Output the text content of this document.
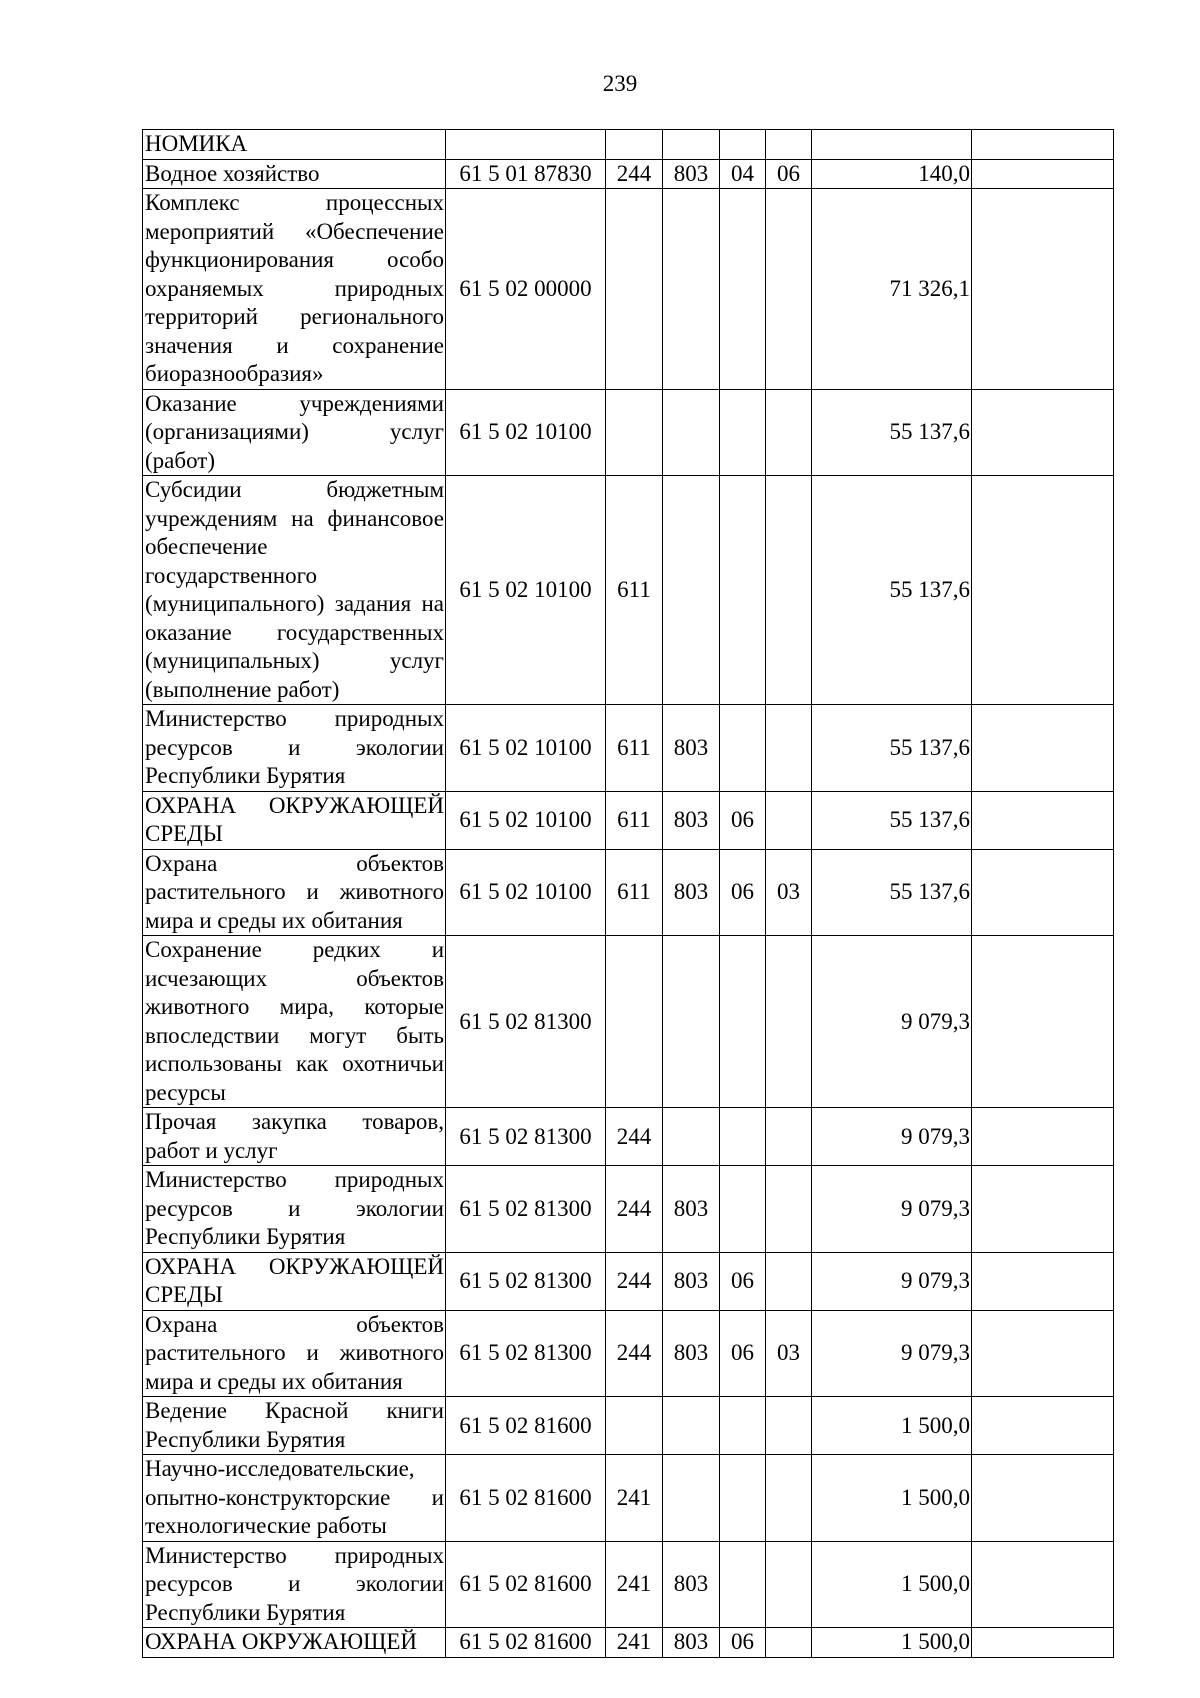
239
НОМИКА							
Водное хозяйство	61 5 01 87830	244	803	04	06	140,0	
Комплекс процессных мероприятий «Обеспечение функционирования особо охраняемых природных территорий регионального значения и сохранение биоразнообразия»	61 5 02 00000					71 326,1	
Оказание учреждениями (организациями) услуг (работ)	61 5 02 10100					55 137,6	
Субсидии бюджетным учреждениям на финансовое обеспечение государственного (муниципального) задания на оказание государственных (муниципальных) услуг (выполнение работ)	61 5 02 10100	611				55 137,6	
Министерство природных ресурсов и экологии Республики Бурятия	61 5 02 10100	611	803			55 137,6	
ОХРАНА ОКРУЖАЮЩЕЙ СРЕДЫ	61 5 02 10100	611	803	06		55 137,6	
Охрана объектов растительного и животного мира и среды их обитания	61 5 02 10100	611	803	06	03	55 137,6	
Сохранение редких и исчезающих объектов животного мира, которые впоследствии могут быть использованы как охотничьи ресурсы	61 5 02 81300					9 079,3	
Прочая закупка товаров, работ и услуг	61 5 02 81300	244				9 079,3	
Министерство природных ресурсов и экологии Республики Бурятия	61 5 02 81300	244	803			9 079,3	
ОХРАНА ОКРУЖАЮЩЕЙ СРЕДЫ	61 5 02 81300	244	803	06		9 079,3	
Охрана объектов растительного и животного мира и среды их обитания	61 5 02 81300	244	803	06	03	9 079,3	
Ведение Красной книги Республики Бурятия	61 5 02 81600					1 500,0	
Научно-исследовательские, опытно-конструкторские и технологические работы	61 5 02 81600	241				1 500,0	
Министерство природных ресурсов и экологии Республики Бурятия	61 5 02 81600	241	803			1 500,0	
ОХРАНА ОКРУЖАЮЩЕЙ	61 5 02 81600	241	803	06		1 500,0	
